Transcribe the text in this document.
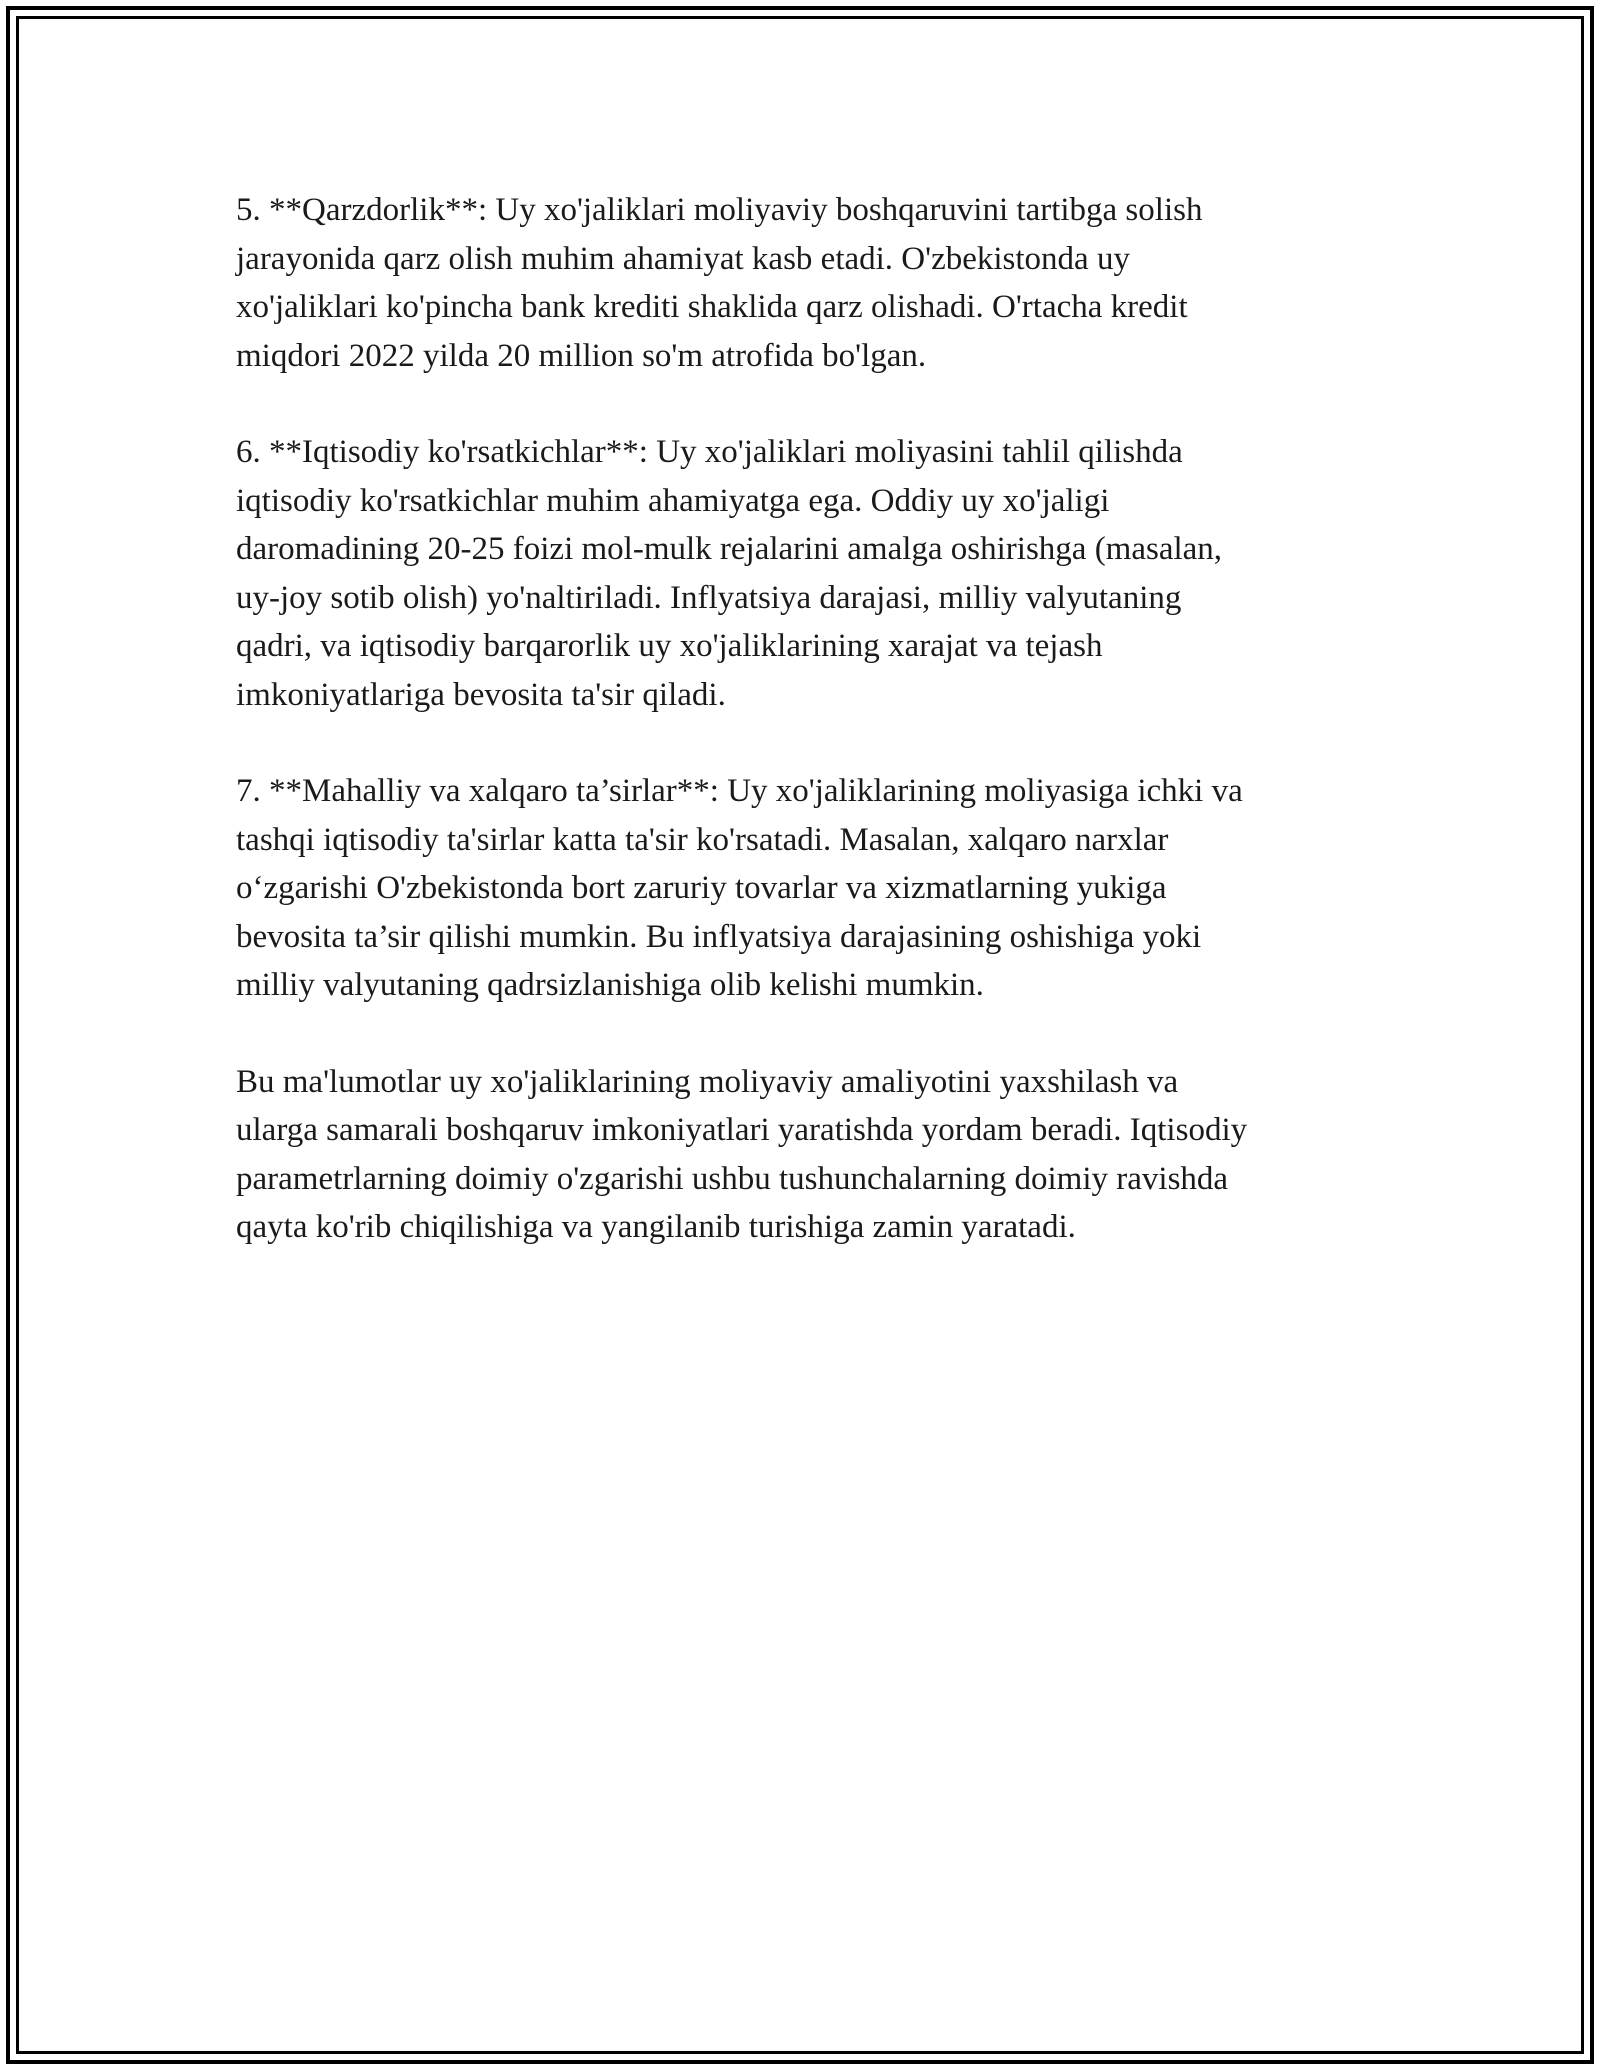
5. **Qarzdorlik**: Uy xo'jaliklari moliyaviy boshqaruvini tartibga solish
jarayonida qarz olish muhim ahamiyat kasb etadi. O'zbekistonda uy
xo'jaliklari ko'pincha bank krediti shaklida qarz olishadi. O'rtacha kredit
miqdori 2022 yilda 20 million so'm atrofida bo'lgan.

6. **Iqtisodiy ko'rsatkichlar**: Uy xo'jaliklari moliyasini tahlil qilishda
iqtisodiy ko'rsatkichlar muhim ahamiyatga ega. Oddiy uy xo'jaligi
daromadining 20-25 foizi mol-mulk rejalarini amalga oshirishga (masalan,
uy-joy sotib olish) yo'naltiriladi. Inflyatsiya darajasi, milliy valyutaning
qadri, va iqtisodiy barqarorlik uy xo'jaliklarining xarajat va tejash
imkoniyatlariga bevosita ta'sir qiladi.

7. **Mahalliy va xalqaro ta’sirlar**: Uy xo'jaliklarining moliyasiga ichki va
tashqi iqtisodiy ta'sirlar katta ta'sir ko'rsatadi. Masalan, xalqaro narxlar
o‘zgarishi O'zbekistonda bort zaruriy tovarlar va xizmatlarning yukiga
bevosita ta’sir qilishi mumkin. Bu inflyatsiya darajasining oshishiga yoki
milliy valyutaning qadrsizlanishiga olib kelishi mumkin.

Bu ma'lumotlar uy xo'jaliklarining moliyaviy amaliyotini yaxshilash va
ularga samarali boshqaruv imkoniyatlari yaratishda yordam beradi. Iqtisodiy
parametrlarning doimiy o'zgarishi ushbu tushunchalarning doimiy ravishda
qayta ko'rib chiqilishiga va yangilanib turishiga zamin yaratadi.
